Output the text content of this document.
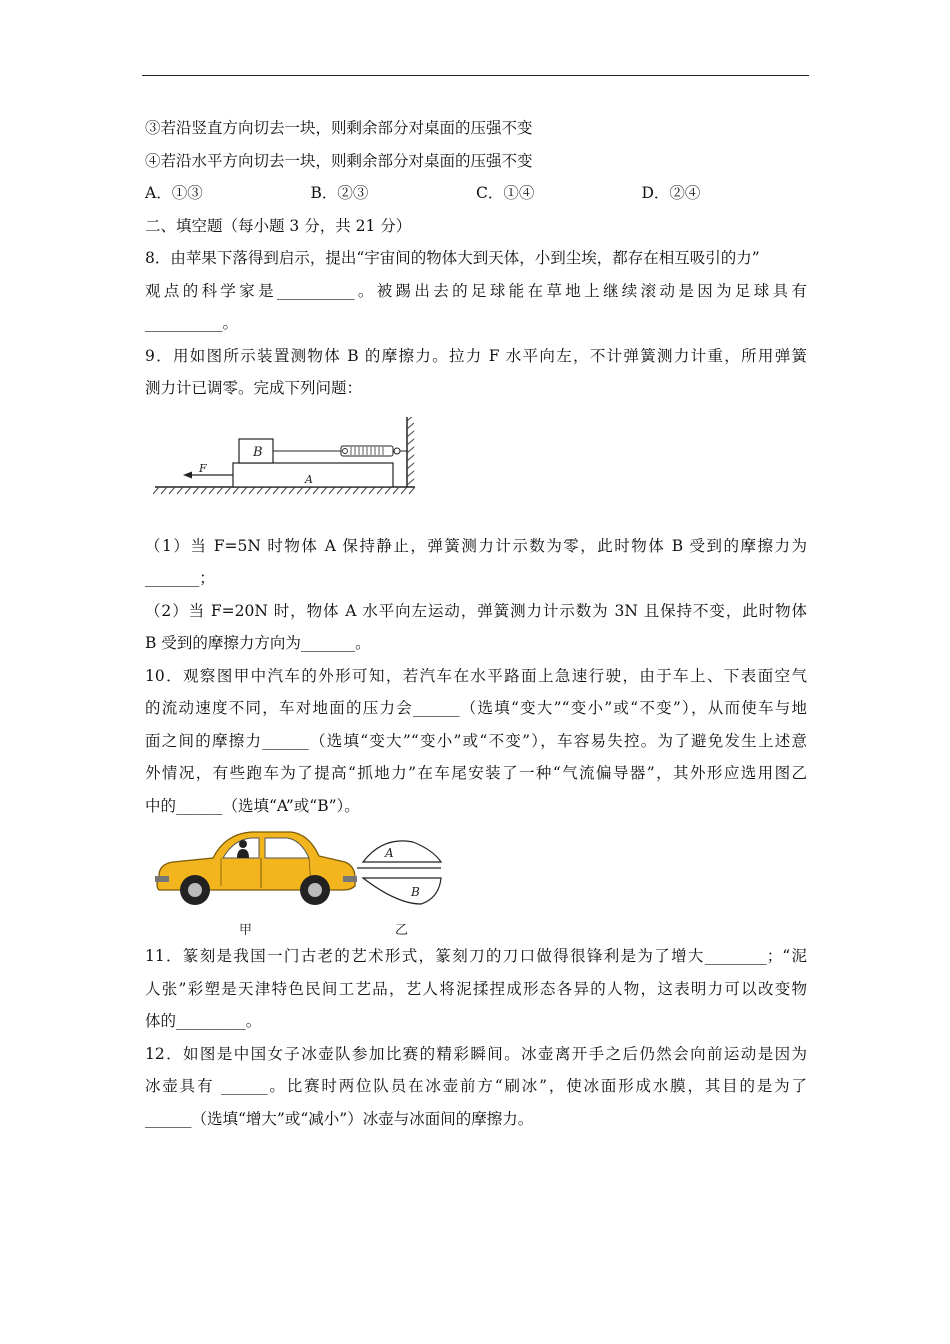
③若沿竖直方向切去一块，则剩余部分对桌面的压强不变
④若沿水平方向切去一块，则剩余部分对桌面的压强不变
A．①③	B．②③	C．①④	D．②④
二、填空题（每小题 3 分，共 21 分）
8．由苹果下落得到启示，提出“宇宙间的物体大到天体，小到尘埃，都存在相互吸引的力”
观点的科学家是__________。被踢出去的足球能在草地上继续滚动是因为足球具有
__________。
9．用如图所示装置测物体 B 的摩擦力。拉力 F 水平向左，不计弹簧测力计重，所用弹簧
测力计已调零。完成下列问题：
B
A
F
（1）当 F=5N 时物体 A 保持静止，弹簧测力计示数为零，此时物体 B 受到的摩擦力为
_______；
（2）当 F=20N 时，物体 A 水平向左运动，弹簧测力计示数为 3N 且保持不变，此时物体
B 受到的摩擦力方向为_______。
10．观察图甲中汽车的外形可知，若汽车在水平路面上急速行驶，由于车上、下表面空气
的流动速度不同，车对地面的压力会______（选填“变大”“变小”或“不变”），从而使车与地
面之间的摩擦力______（选填“变大”“变小”或“不变”），车容易失控。为了避免发生上述意
外情况，有些跑车为了提高“抓地力”在车尾安装了一种“气流偏导器”，其外形应选用图乙
中的______（选填“A”或“B”）。
A
B
甲	乙
11．篆刻是我国一门古老的艺术形式，篆刻刀的刀口做得很锋利是为了增大________；“泥
人张”彩塑是天津特色民间工艺品，艺人将泥揉捏成形态各异的人物，这表明力可以改变物
体的_________。
12．如图是中国女子冰壶队参加比赛的精彩瞬间。冰壶离开手之后仍然会向前运动是因为
冰壶具有 ______。比赛时两位队员在冰壶前方“刷冰”，使冰面形成水膜，其目的是为了
______（选填“增大”或“减小”）冰壶与冰面间的摩擦力。
